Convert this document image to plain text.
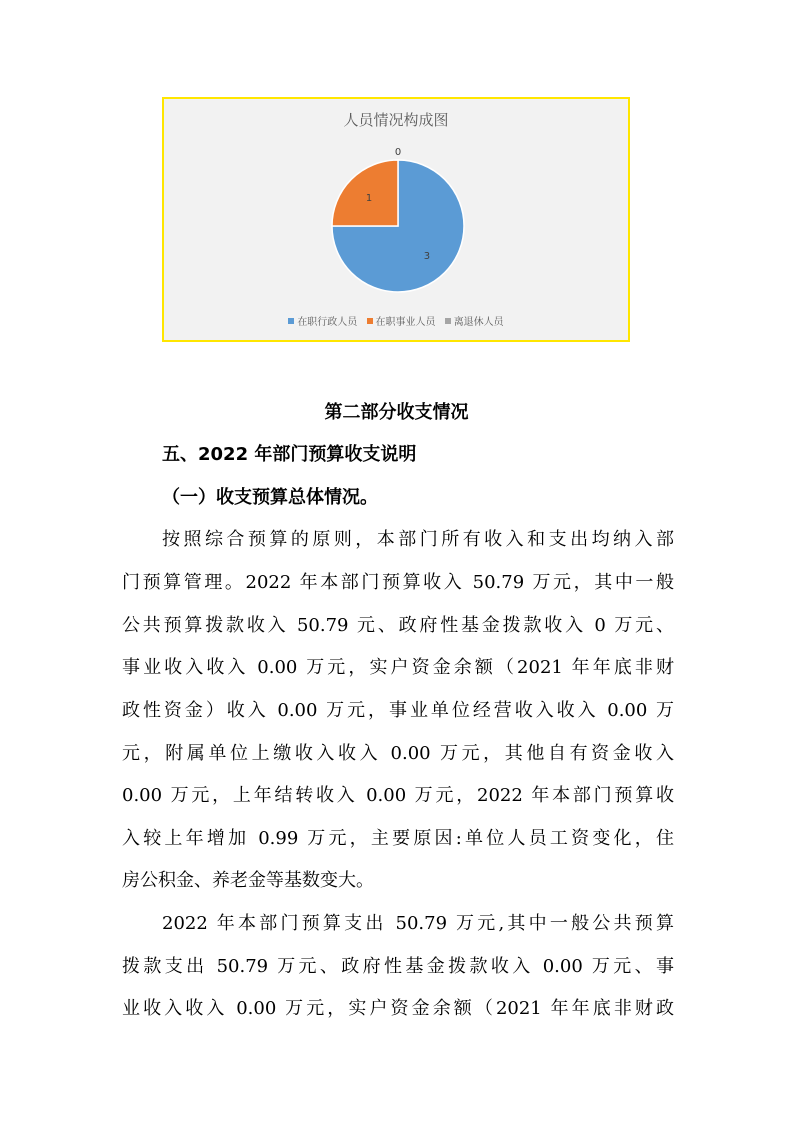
人员情况构成图
3
1
0
在职行政人员 在职事业人员 离退休人员
第二部分收支情况
五、2022 年部门预算收支说明
（一）收支预算总体情况。
按照综合预算的原则，本部门所有收入和支出均纳入部
门预算管理。2022 年本部门预算收入 50.79 万元，其中一般
公共预算拨款收入 50.79 元、政府性基金拨款收入 0 万元、
事业收入收入 0.00 万元，实户资金余额（2021 年年底非财
政性资金）收入 0.00 万元，事业单位经营收入收入 0.00 万
元，附属单位上缴收入收入 0.00 万元，其他自有资金收入
0.00 万元，上年结转收入 0.00 万元，2022 年本部门预算收
入较上年增加 0.99 万元，主要原因:单位人员工资变化，住
房公积金、养老金等基数变大。
2022 年本部门预算支出 50.79 万元,其中一般公共预算
拨款支出 50.79 万元、政府性基金拨款收入 0.00 万元、事
业收入收入 0.00 万元，实户资金余额（2021 年年底非财政
